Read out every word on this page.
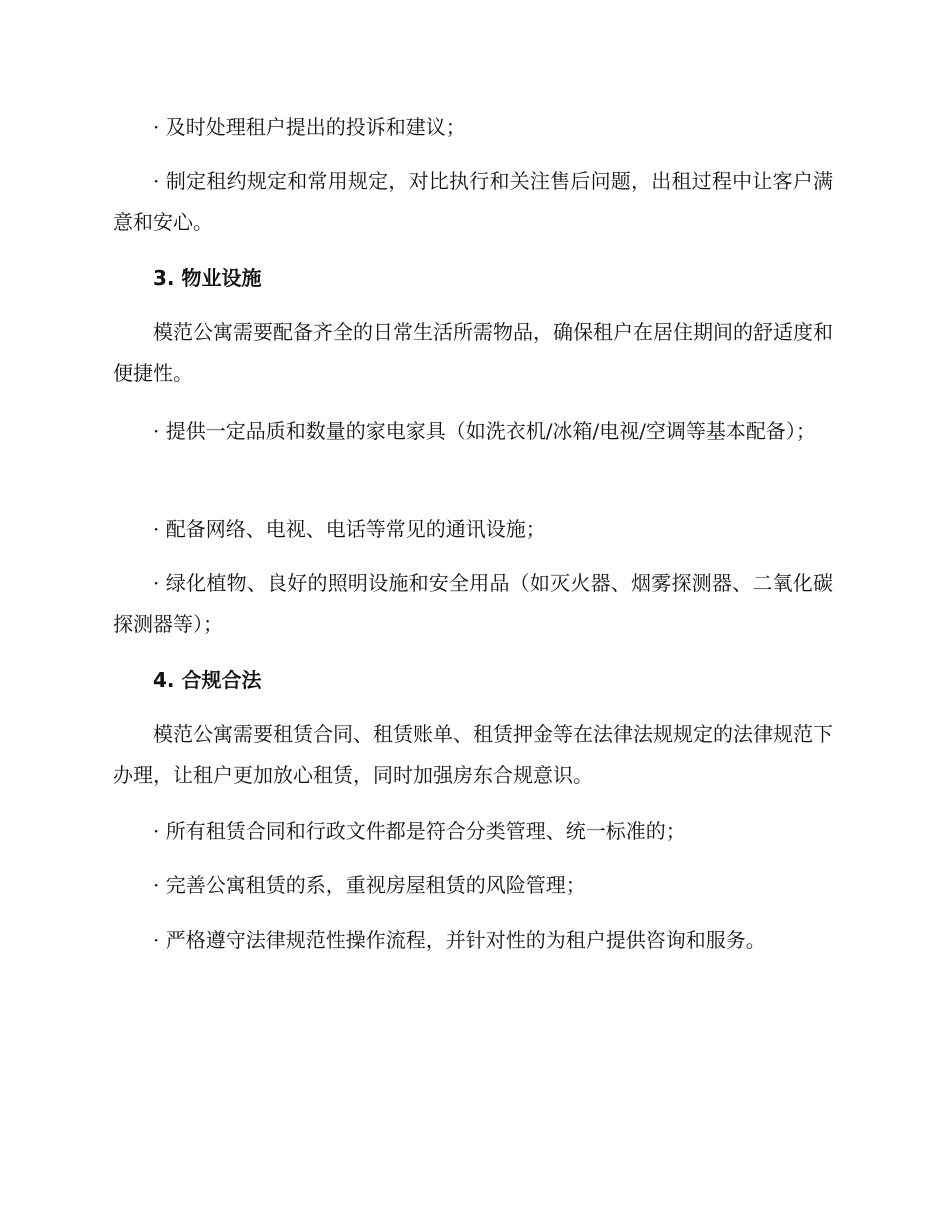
· 及时处理租户提出的投诉和建议；

· 制定租约规定和常用规定，对比执行和关注售后问题，出租过程中让客户满意和安心。

3. 物业设施

模范公寓需要配备齐全的日常生活所需物品，确保租户在居住期间的舒适度和便捷性。

· 提供一定品质和数量的家电家具（如洗衣机/冰箱/电视/空调等基本配备）；

· 配备网络、电视、电话等常见的通讯设施；

· 绿化植物、良好的照明设施和安全用品（如灭火器、烟雾探测器、二氧化碳探测器等）；

4. 合规合法

模范公寓需要租赁合同、租赁账单、租赁押金等在法律法规规定的法律规范下办理，让租户更加放心租赁，同时加强房东合规意识。

· 所有租赁合同和行政文件都是符合分类管理、统一标准的；

· 完善公寓租赁的系，重视房屋租赁的风险管理；

· 严格遵守法律规范性操作流程，并针对性的为租户提供咨询和服务。
